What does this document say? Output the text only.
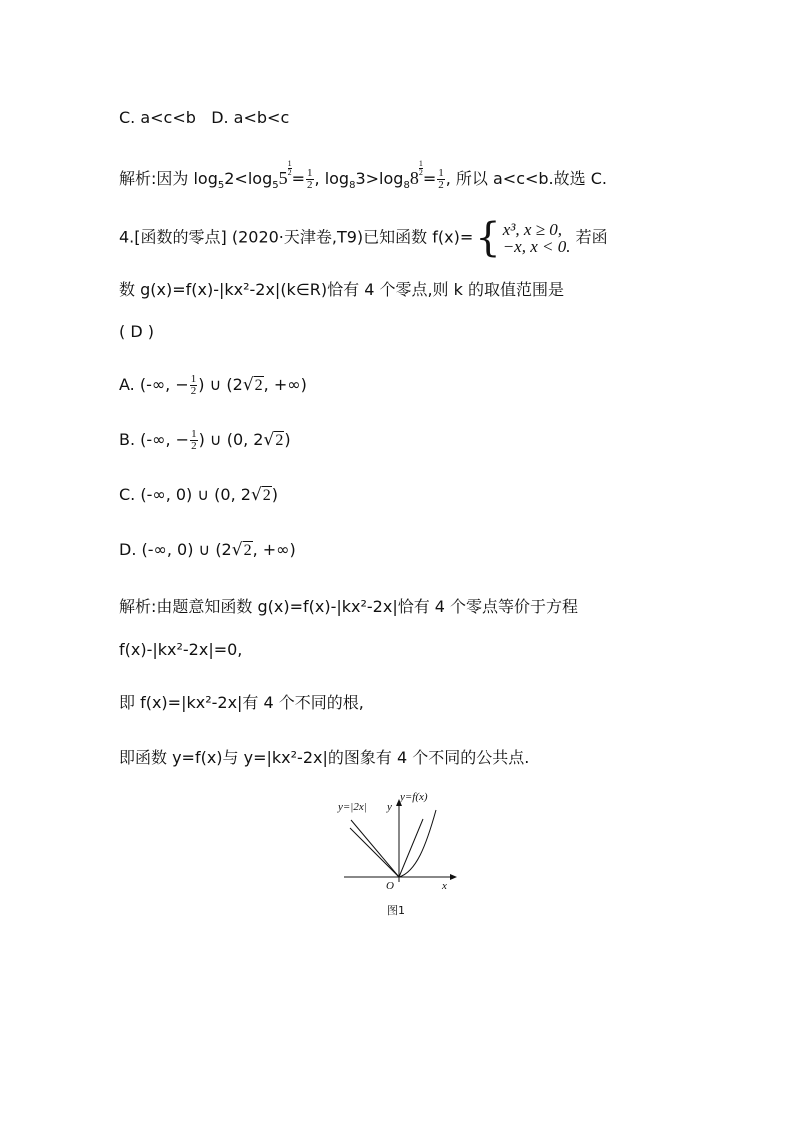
C. a<c<b D. a<b<c
解析:因为 $\log_52<\log_55 \frac{1}{2}$
= $\frac{1}{2}$ , $\log_83>\log_88 \frac{1}{2}$
= $\frac{1}{2}$ , 所以 a<c<b.故选 C.
4.[函数的零点] (2020·天津卷,T9)已知函数 f(x)={ x³, x ≥ 0,
−x, x < 0. 若函
数 g(x)=f(x)-|kx²-2x|(k∈R)恰有 4 个零点,则 k 的取值范围是
( D )
A. (-∞, − $\frac{1}{2}$ ) ∪ (2√2, +∞)
B. (-∞, − $\frac{1}{2}$ ) ∪ (0, 2√2)
C. (-∞, 0) ∪ (0, 2√2)
D. (-∞, 0) ∪ (2√2, +∞)
解析:由题意知函数 g(x)=f(x)-|kx²-2x|恰有 4 个零点等价于方程
f(x)-|kx²-2x|=0,
即 f(x)=|kx²-2x|有 4 个不同的根,
即函数 y=f(x)与 y=|kx²-2x|的图象有 4 个不同的公共点.
y=|2x|
y=f(x)
y
x
O
图1
